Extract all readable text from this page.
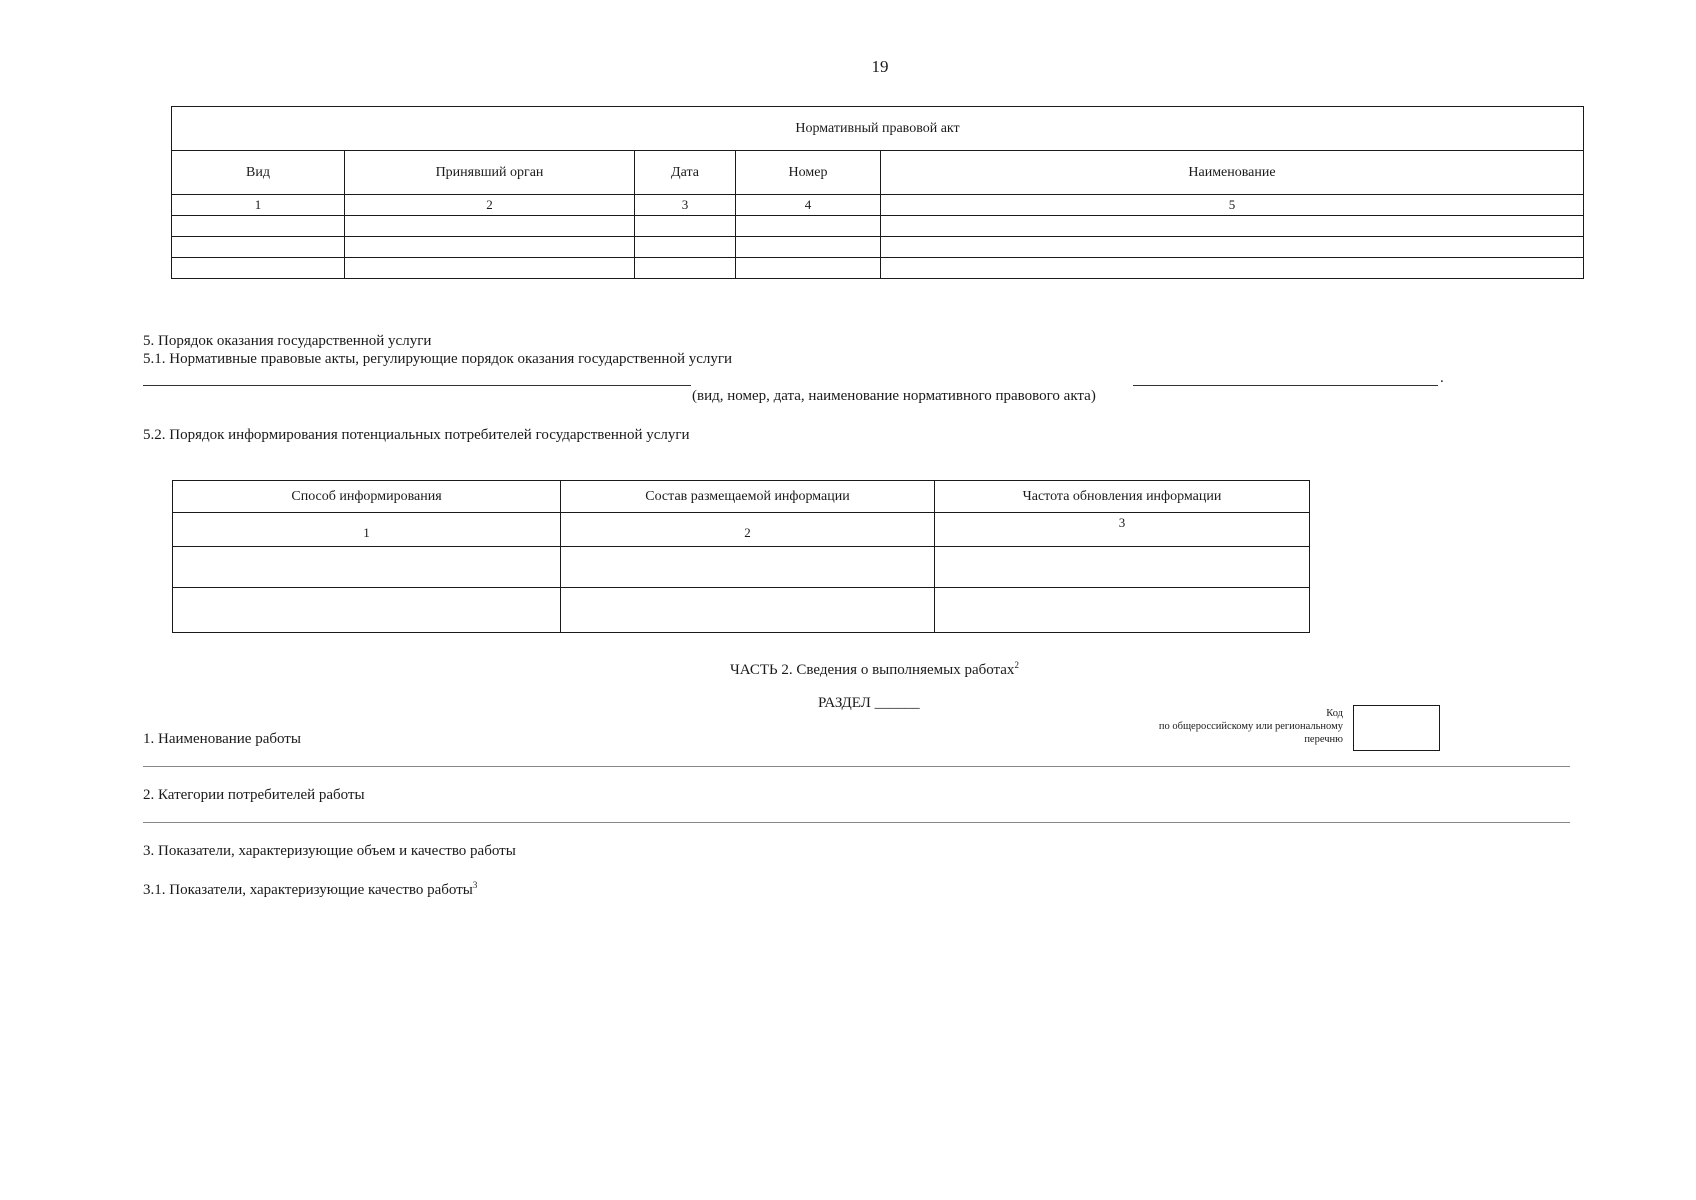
19
Нормативный правовой акт				
Вид	Принявший орган	Дата	Номер	Наименование
1	2	3	4	5

5. Порядок оказания государственной услуги
5.1. Нормативные правовые акты, регулирующие порядок оказания государственной услуги
.
(вид, номер, дата, наименование нормативного правового акта)
5.2. Порядок информирования потенциальных потребителей государственной услуги
Способ информирования	Состав размещаемой информации	Частота обновления информации
1	2	3

ЧАСТЬ 2. Сведения о выполняемых работах$^2$
РАЗДЕЛ ______
Код
по общероссийскому или региональному
перечню
1. Наименование работы
2. Категории потребителей работы
3. Показатели, характеризующие объем и качество работы
3.1. Показатели, характеризующие качество работы$^3$
